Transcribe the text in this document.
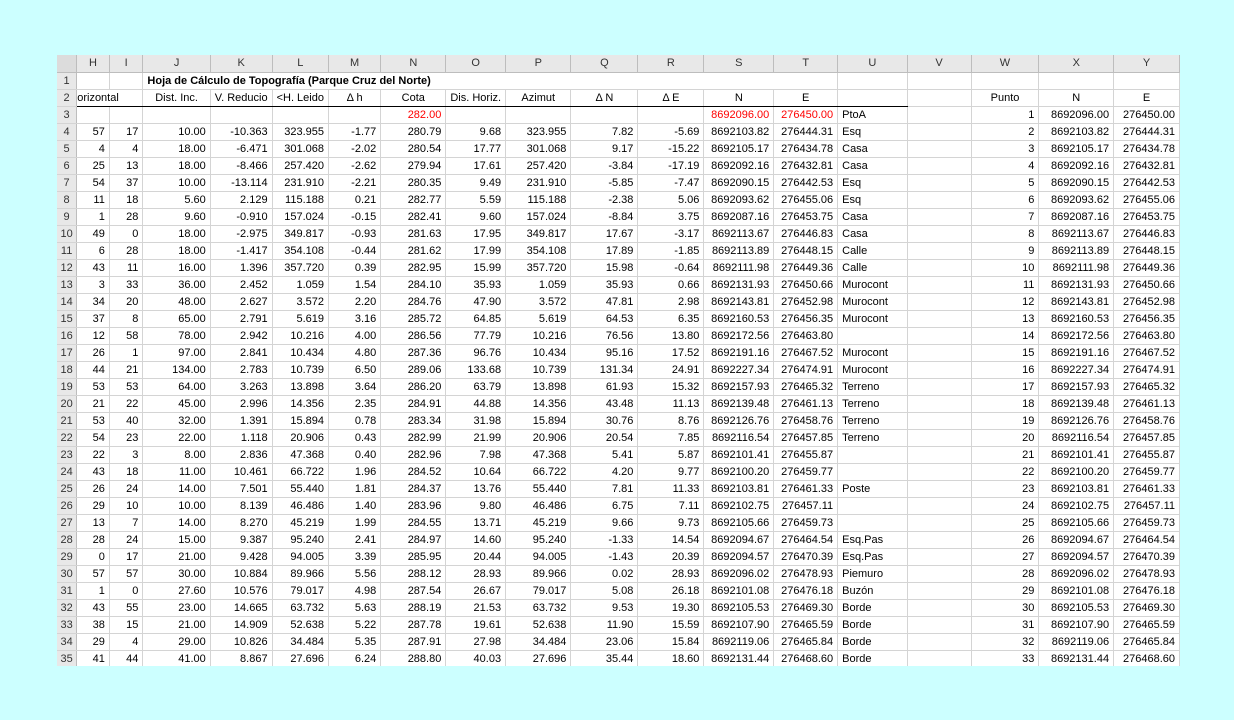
	H	I	J	K	L	M	N	O	P	Q	R	S	T	U	V	W	X	Y
1			Hoja de Cálculo de Topografía (Parque Cruz del Norte)															
2	orizontal		Dist. Inc.	V. Reducio	<H. Leido	Δ h	Cota	Dis. Horiz.	Azimut	Δ N	Δ E	N	E			Punto	N	E
3							282.00					8692096.00	276450.00	PtoA		1	8692096.00	276450.00
4	57	17	10.00	-10.363	323.955	-1.77	280.79	9.68	323.955	7.82	-5.69	8692103.82	276444.31	Esq		2	8692103.82	276444.31
5	4	4	18.00	-6.471	301.068	-2.02	280.54	17.77	301.068	9.17	-15.22	8692105.17	276434.78	Casa		3	8692105.17	276434.78
6	25	13	18.00	-8.466	257.420	-2.62	279.94	17.61	257.420	-3.84	-17.19	8692092.16	276432.81	Casa		4	8692092.16	276432.81
7	54	37	10.00	-13.114	231.910	-2.21	280.35	9.49	231.910	-5.85	-7.47	8692090.15	276442.53	Esq		5	8692090.15	276442.53
8	11	18	5.60	2.129	115.188	0.21	282.77	5.59	115.188	-2.38	5.06	8692093.62	276455.06	Esq		6	8692093.62	276455.06
9	1	28	9.60	-0.910	157.024	-0.15	282.41	9.60	157.024	-8.84	3.75	8692087.16	276453.75	Casa		7	8692087.16	276453.75
10	49	0	18.00	-2.975	349.817	-0.93	281.63	17.95	349.817	17.67	-3.17	8692113.67	276446.83	Casa		8	8692113.67	276446.83
11	6	28	18.00	-1.417	354.108	-0.44	281.62	17.99	354.108	17.89	-1.85	8692113.89	276448.15	Calle		9	8692113.89	276448.15
12	43	11	16.00	1.396	357.720	0.39	282.95	15.99	357.720	15.98	-0.64	8692111.98	276449.36	Calle		10	8692111.98	276449.36
13	3	33	36.00	2.452	1.059	1.54	284.10	35.93	1.059	35.93	0.66	8692131.93	276450.66	Murocont		11	8692131.93	276450.66
14	34	20	48.00	2.627	3.572	2.20	284.76	47.90	3.572	47.81	2.98	8692143.81	276452.98	Murocont		12	8692143.81	276452.98
15	37	8	65.00	2.791	5.619	3.16	285.72	64.85	5.619	64.53	6.35	8692160.53	276456.35	Murocont		13	8692160.53	276456.35
16	12	58	78.00	2.942	10.216	4.00	286.56	77.79	10.216	76.56	13.80	8692172.56	276463.80			14	8692172.56	276463.80
17	26	1	97.00	2.841	10.434	4.80	287.36	96.76	10.434	95.16	17.52	8692191.16	276467.52	Murocont		15	8692191.16	276467.52
18	44	21	134.00	2.783	10.739	6.50	289.06	133.68	10.739	131.34	24.91	8692227.34	276474.91	Murocont		16	8692227.34	276474.91
19	53	53	64.00	3.263	13.898	3.64	286.20	63.79	13.898	61.93	15.32	8692157.93	276465.32	Terreno		17	8692157.93	276465.32
20	21	22	45.00	2.996	14.356	2.35	284.91	44.88	14.356	43.48	11.13	8692139.48	276461.13	Terreno		18	8692139.48	276461.13
21	53	40	32.00	1.391	15.894	0.78	283.34	31.98	15.894	30.76	8.76	8692126.76	276458.76	Terreno		19	8692126.76	276458.76
22	54	23	22.00	1.118	20.906	0.43	282.99	21.99	20.906	20.54	7.85	8692116.54	276457.85	Terreno		20	8692116.54	276457.85
23	22	3	8.00	2.836	47.368	0.40	282.96	7.98	47.368	5.41	5.87	8692101.41	276455.87			21	8692101.41	276455.87
24	43	18	11.00	10.461	66.722	1.96	284.52	10.64	66.722	4.20	9.77	8692100.20	276459.77			22	8692100.20	276459.77
25	26	24	14.00	7.501	55.440	1.81	284.37	13.76	55.440	7.81	11.33	8692103.81	276461.33	Poste		23	8692103.81	276461.33
26	29	10	10.00	8.139	46.486	1.40	283.96	9.80	46.486	6.75	7.11	8692102.75	276457.11			24	8692102.75	276457.11
27	13	7	14.00	8.270	45.219	1.99	284.55	13.71	45.219	9.66	9.73	8692105.66	276459.73			25	8692105.66	276459.73
28	28	24	15.00	9.387	95.240	2.41	284.97	14.60	95.240	-1.33	14.54	8692094.67	276464.54	Esq.Pas		26	8692094.67	276464.54
29	0	17	21.00	9.428	94.005	3.39	285.95	20.44	94.005	-1.43	20.39	8692094.57	276470.39	Esq.Pas		27	8692094.57	276470.39
30	57	57	30.00	10.884	89.966	5.56	288.12	28.93	89.966	0.02	28.93	8692096.02	276478.93	Piemuro		28	8692096.02	276478.93
31	1	0	27.60	10.576	79.017	4.98	287.54	26.67	79.017	5.08	26.18	8692101.08	276476.18	Buzón		29	8692101.08	276476.18
32	43	55	23.00	14.665	63.732	5.63	288.19	21.53	63.732	9.53	19.30	8692105.53	276469.30	Borde		30	8692105.53	276469.30
33	38	15	21.00	14.909	52.638	5.22	287.78	19.61	52.638	11.90	15.59	8692107.90	276465.59	Borde		31	8692107.90	276465.59
34	29	4	29.00	10.826	34.484	5.35	287.91	27.98	34.484	23.06	15.84	8692119.06	276465.84	Borde		32	8692119.06	276465.84
35	41	44	41.00	8.867	27.696	6.24	288.80	40.03	27.696	35.44	18.60	8692131.44	276468.60	Borde		33	8692131.44	276468.60
